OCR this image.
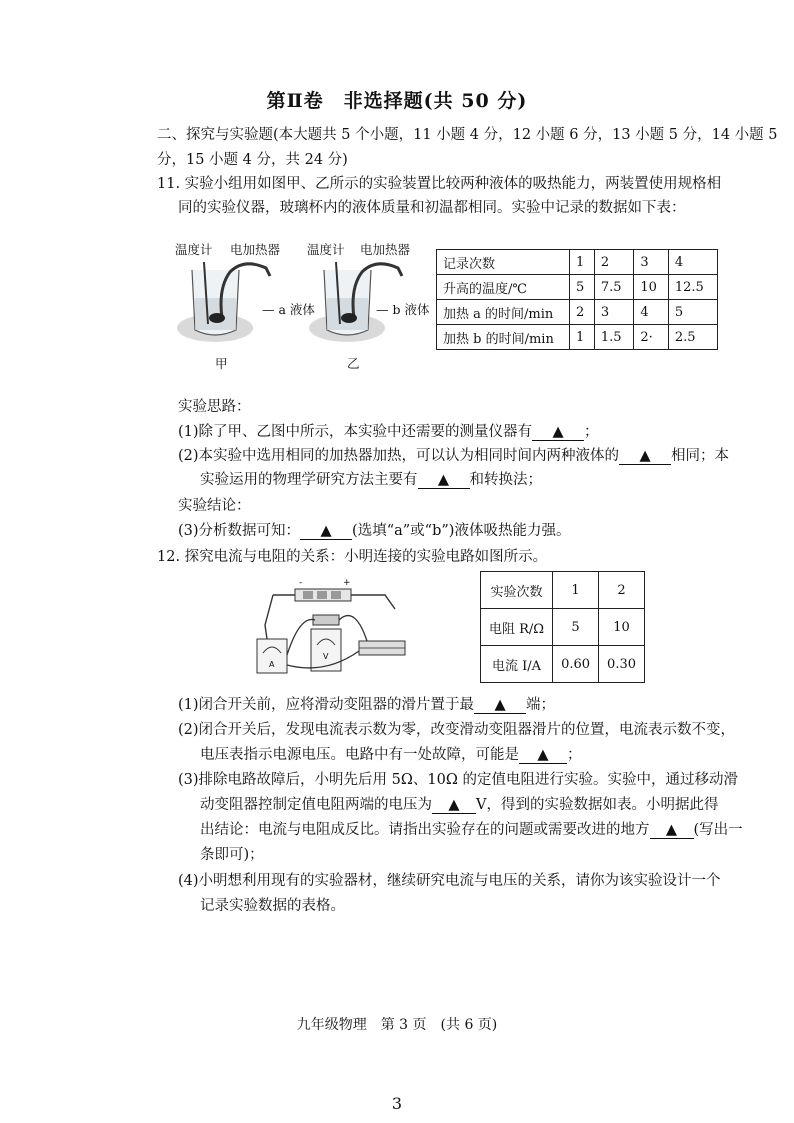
第Ⅱ卷　非选择题(共 50 分)
二、探究与实验题(本大题共 5 个小题，11 小题 4 分，12 小题 6 分，13 小题 5 分，14 小题 5
分，15 小题 4 分，共 24 分)
11. 实验小组用如图甲、乙所示的实验装置比较两种液体的吸热能力，两装置使用规格相
同的实验仪器，玻璃杯内的液体质量和初温都相同。实验中记录的数据如下表：
温度计 电加热器
— a 液体
甲
温度计 电加热器
— b 液体
乙
记录次数	1	2	3	4
升高的温度/℃	5	7.5	10	12.5
加热 a 的时间/min	2	3	4	5
加热 b 的时间/min	1	1.5	2·	2.5
实验思路：
(1)除了甲、乙图中所示，本实验中还需要的测量仪器有 ▲ ；
(2)本实验中选用相同的加热器加热，可以认为相同时间内两种液体的 ▲ 相同；本
实验运用的物理学研究方法主要有 ▲ 和转换法；
实验结论：
(3)分析数据可知： ▲ (选填“a”或“b”)液体吸热能力强。
12. 探究电流与电阻的关系：小明连接的实验电路如图所示。
A
V
-	+
实验次数	1	2
电阻 R/Ω	5	10
电流 I/A	0.60	0.30
(1)闭合开关前，应将滑动变阻器的滑片置于最 ▲ 端；
(2)闭合开关后，发现电流表示数为零，改变滑动变阻器滑片的位置，电流表示数不变，
电压表指示电源电压。电路中有一处故障，可能是 ▲ ；
(3)排除电路故障后，小明先后用 5Ω、10Ω 的定值电阻进行实验。实验中，通过移动滑
动变阻器控制定值电阻两端的电压为 ▲ V，得到的实验数据如表。小明据此得
出结论：电流与电阻成反比。请指出实验存在的问题或需要改进的地方 ▲ (写出一
条即可)；
(4)小明想利用现有的实验器材，继续研究电流与电压的关系，请你为该实验设计一个
记录实验数据的表格。
九年级物理　第 3 页　(共 6 页)
3
